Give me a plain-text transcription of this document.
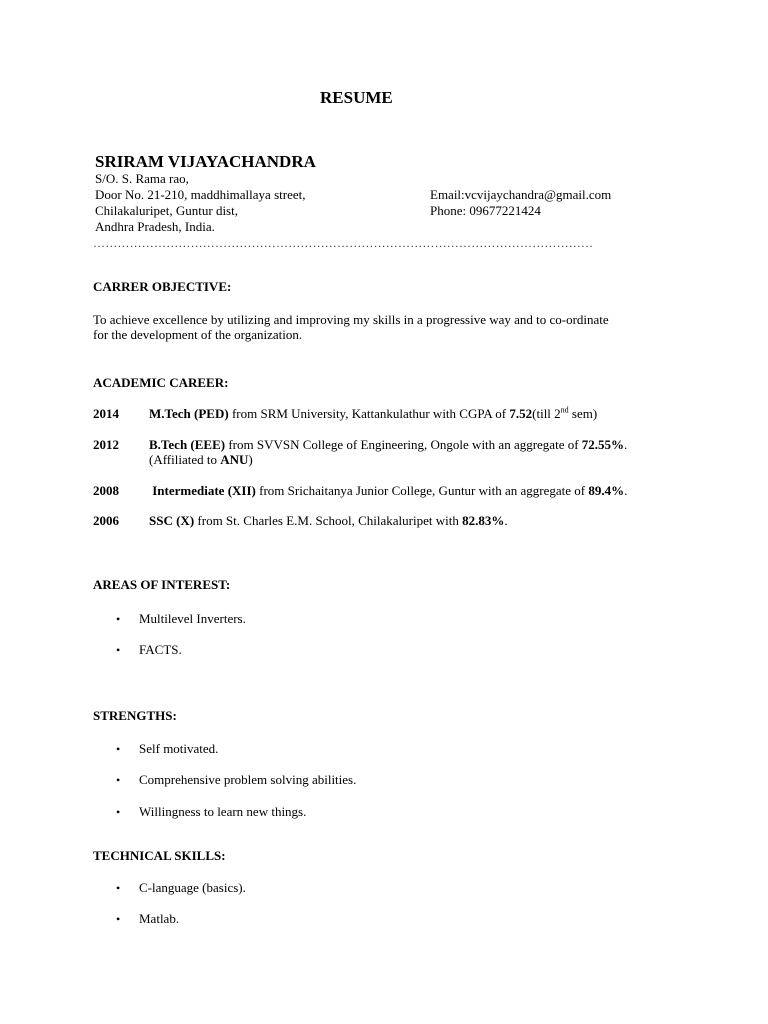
RESUME
SRIRAM VIJAYACHANDRA
S/O. S. Rama rao,
Door No. 21-210, maddhimallaya street,
Chilakaluripet, Guntur dist,
Andhra Pradesh, India.
Email:vcvijaychandra@gmail.com
Phone: 09677221424
……………………………………………………………………………………………………………
CARRER OBJECTIVE:
To achieve excellence by utilizing and improving my skills in a progressive way and to co-ordinate
for the development of the organization.
ACADEMIC CAREER:
2014 M.Tech (PED) from SRM University, Kattankulathur with CGPA of 7.52(till 2nd sem)
2012 B.Tech (EEE) from SVVSN College of Engineering, Ongole with an aggregate of 72.55%.
(Affiliated to ANU)
2008 Intermediate (XII) from Srichaitanya Junior College, Guntur with an aggregate of 89.4%.
2006 SSC (X) from St. Charles E.M. School, Chilakaluripet with 82.83%.
AREAS OF INTEREST:
• Multilevel Inverters.
• FACTS.
STRENGTHS:
• Self motivated.
• Comprehensive problem solving abilities.
• Willingness to learn new things.
TECHNICAL SKILLS:
• C-language (basics).
• Matlab.
